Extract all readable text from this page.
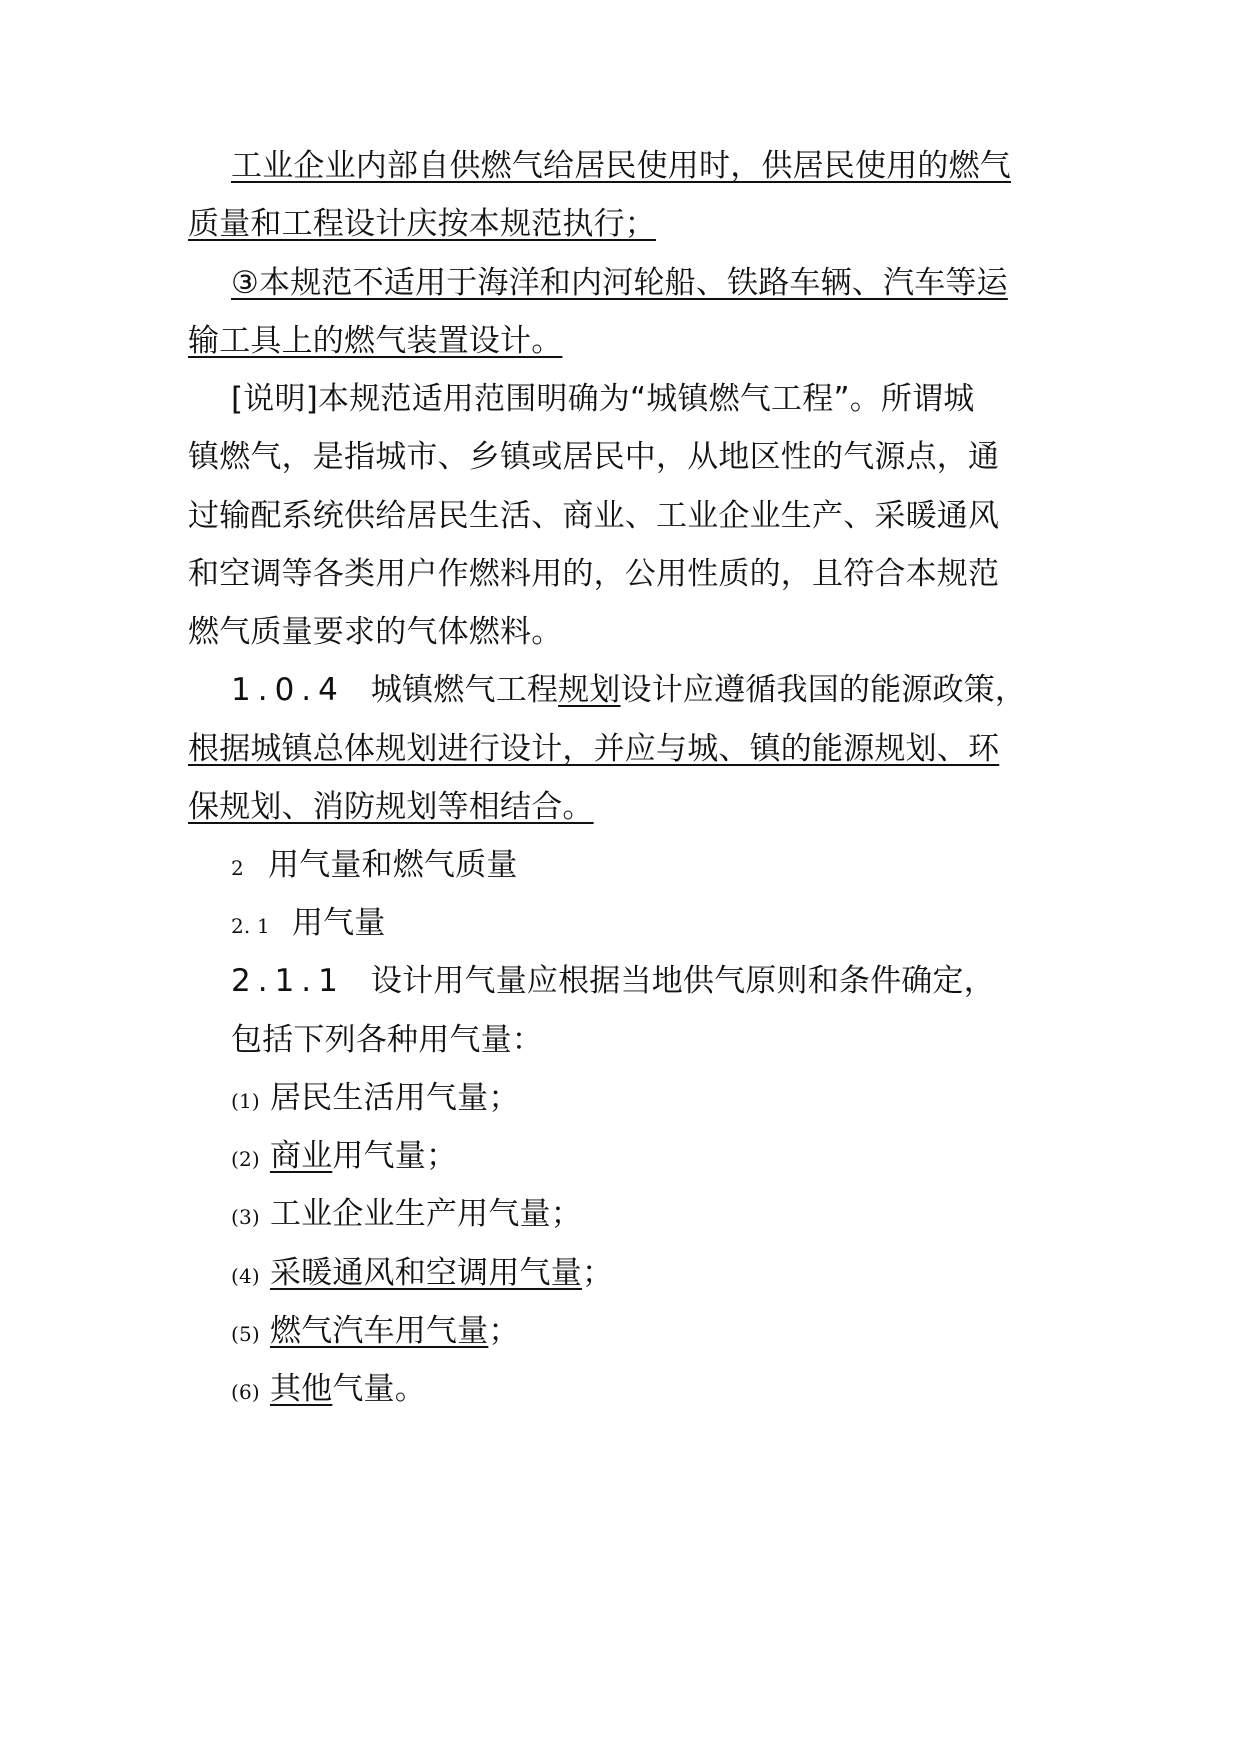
工业企业内部自供燃气给居民使用时，供居民使用的燃气
质量和工程设计庆按本规范执行；
③本规范不适用于海洋和内河轮船、铁路车辆、汽车等运
输工具上的燃气装置设计。
[说明]本规范适用范围明确为“城镇燃气工程”。所谓城
镇燃气，是指城市、乡镇或居民中，从地区性的气源点，通
过输配系统供给居民生活、商业、工业企业生产、采暖通风
和空调等各类用户作燃料用的，公用性质的，且符合本规范
燃气质量要求的气体燃料。
1.0.4 城镇燃气工程规划设计应遵循我国的能源政策，
根据城镇总体规划进行设计，并应与城、镇的能源规划、环
保规划、消防规划等相结合。
2 用气量和燃气质量
2. 1 用气量
2.1.1 设计用气量应根据当地供气原则和条件确定，
包括下列各种用气量：
(1) 居民生活用气量；
(2) 商业用气量；
(3) 工业企业生产用气量；
(4) 采暖通风和空调用气量；
(5) 燃气汽车用气量；
(6) 其他气量。
